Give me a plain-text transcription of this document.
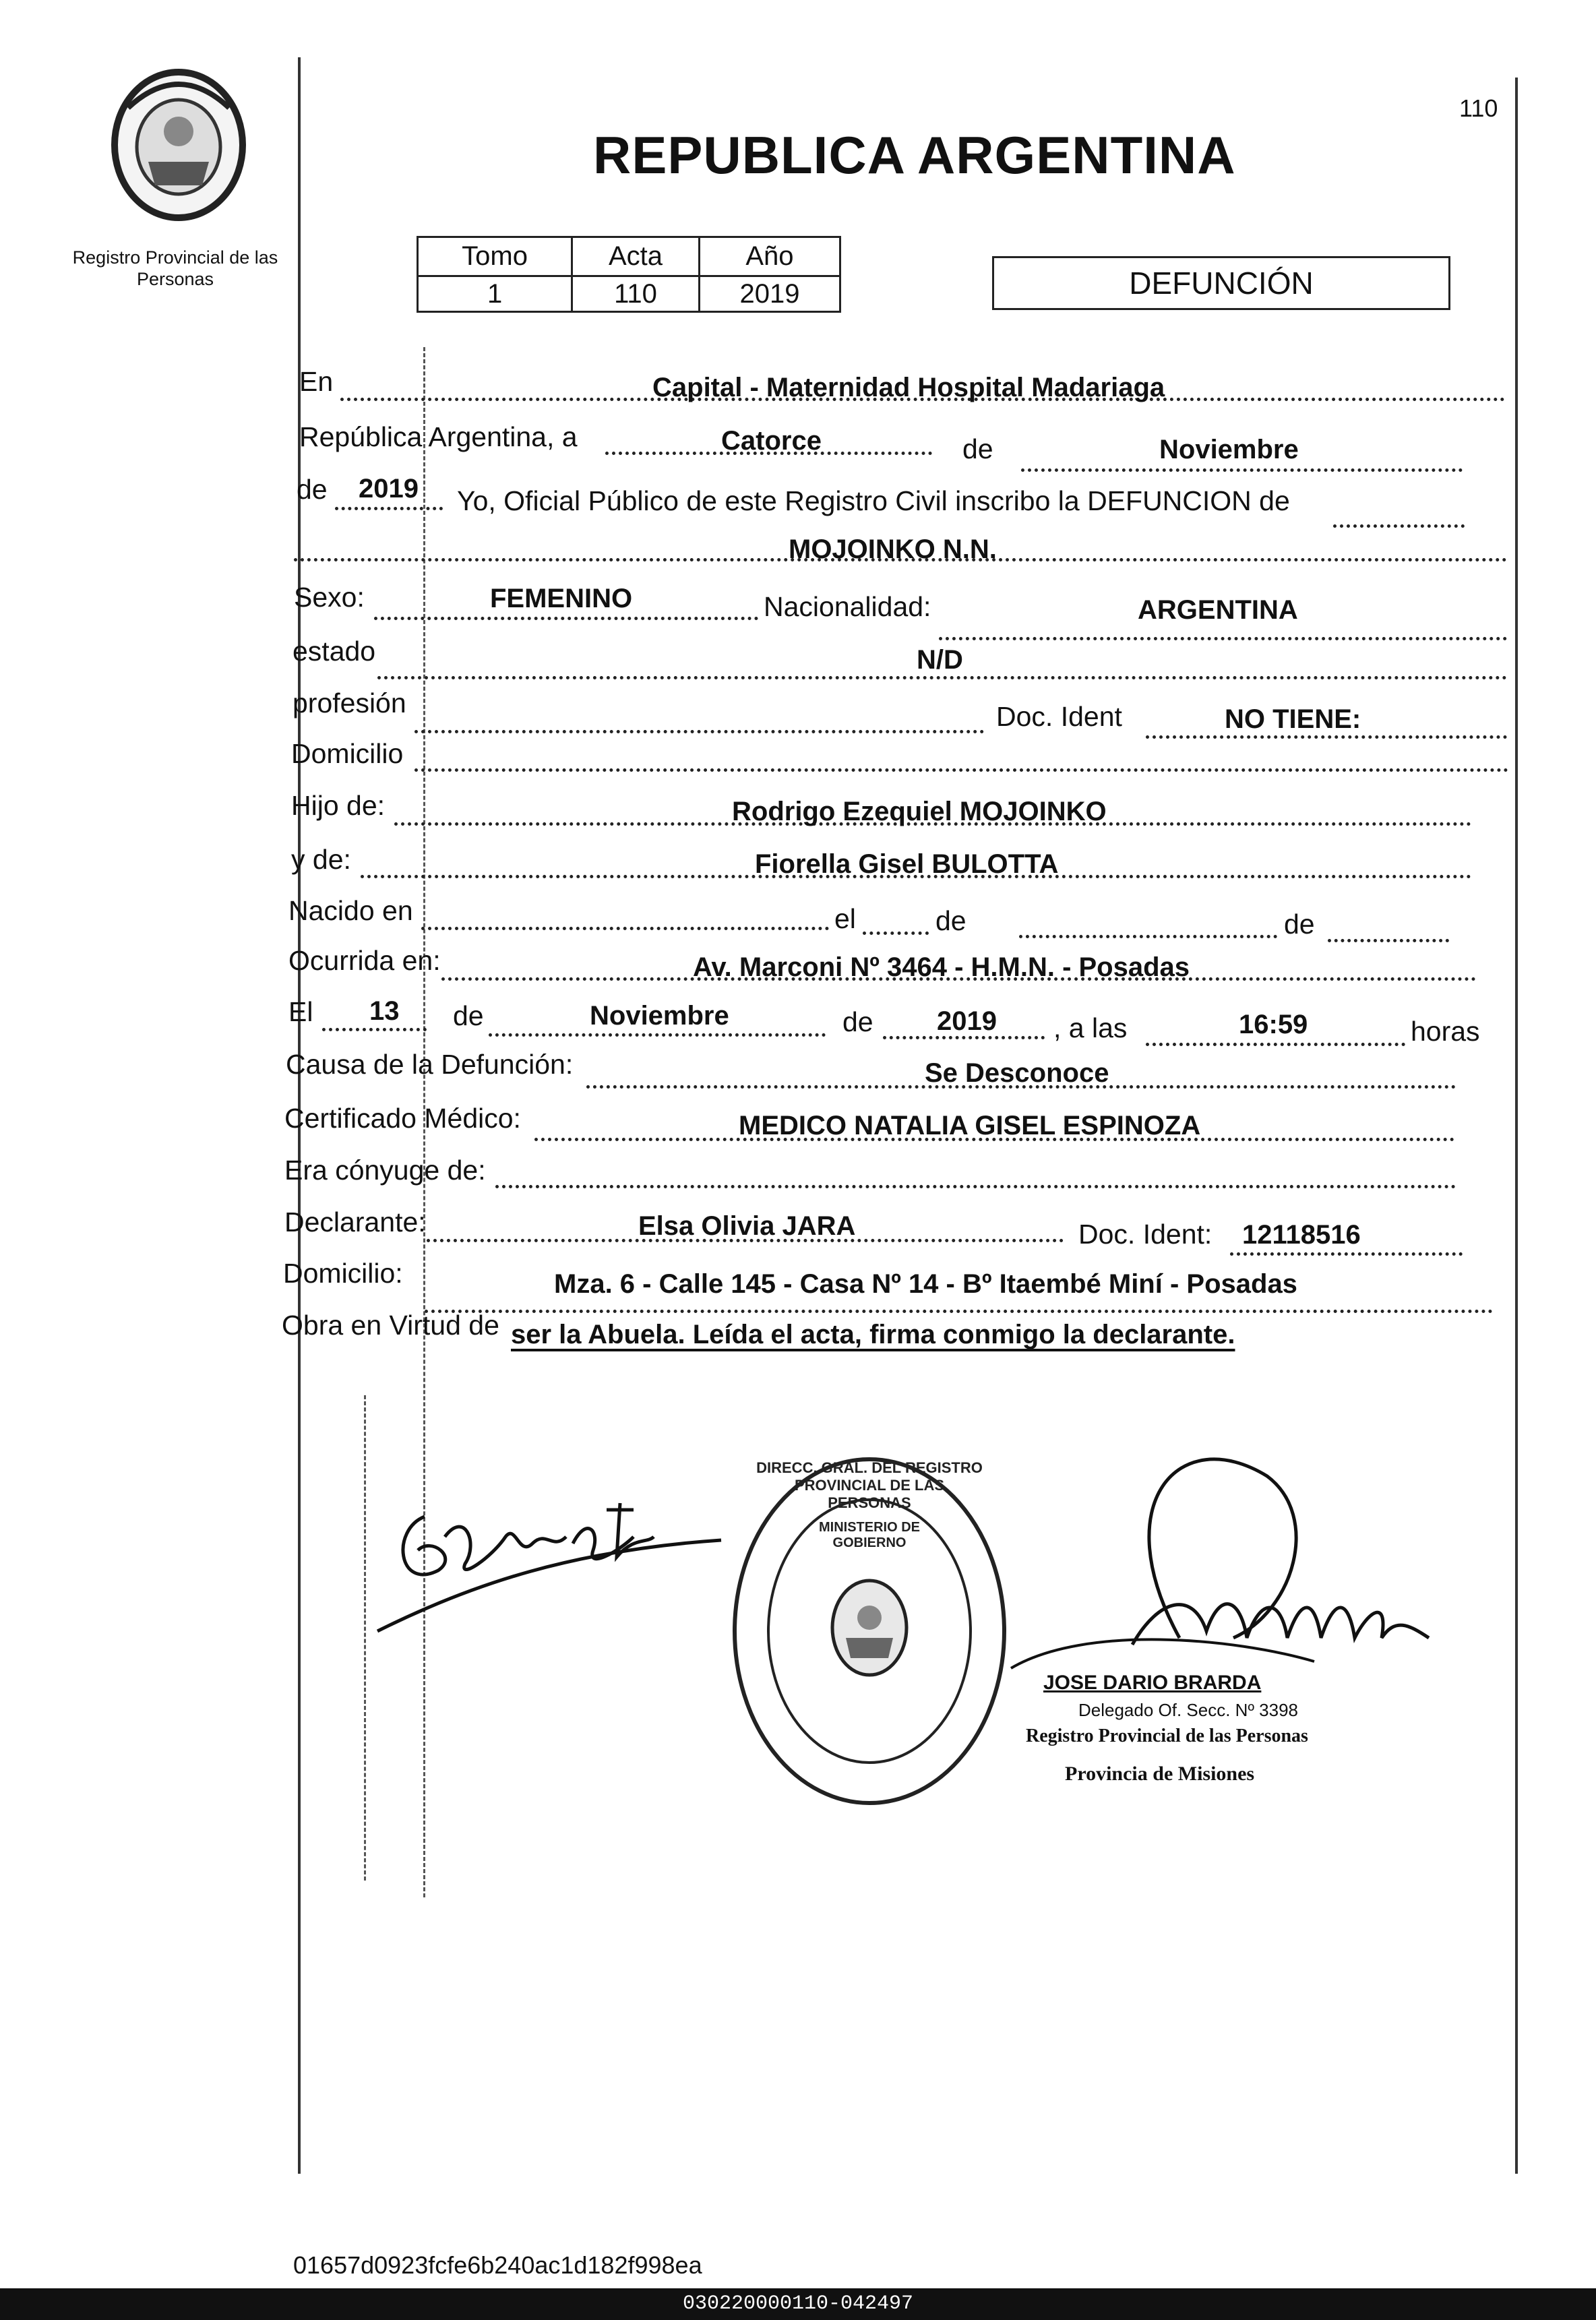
Registro Provincial de las Personas
110
REPUBLICA ARGENTINA
Tomo	Acta	Año
1	110	2019	DEFUNCIÓN
En	Capital - Maternidad Hospital Madariaga
República Argentina, a	Catorce	de	Noviembre
de 2019 Yo, Oficial Público de este Registro Civil inscribo la DEFUNCION de
MOJOINKO N.N.
Sexo:	FEMENINO	Nacionalidad:	ARGENTINA
estado	N/D
profesión	Doc. Ident	NO TIENE:
Domicilio
Hijo de:	Rodrigo Ezequiel MOJOINKO
y de:	Fiorella Gisel BULOTTA
Nacido en	el	de	de
Ocurrida en:	Av. Marconi Nº 3464 - H.M.N. - Posadas
El 13 de	Noviembre	de 2019 , a las	16:59	horas
Causa de la Defunción:	Se Desconoce
Certificado Médico:	MEDICO NATALIA GISEL ESPINOZA
Era cónyuge de:
Declarante:	Elsa Olivia JARA	Doc. Ident: 12118516
Domicilio:	Mza. 6 - Calle 145 - Casa Nº 14 - Bº Itaembé Miní - Posadas
Obra en Virtud de ser la Abuela. Leída el acta, firma conmigo la declarante.
DIRECC. GRAL. DEL REGISTRO PROVINCIAL DE LAS PERSONAS
MINISTERIO DE GOBIERNO
JOSE DARIO BRARDA
Delegado Of. Secc. Nº 3398
Registro Provincial de las Personas
Provincia de Misiones
01657d0923fcfe6b240ac1d182f998ea
030220000110-042497
